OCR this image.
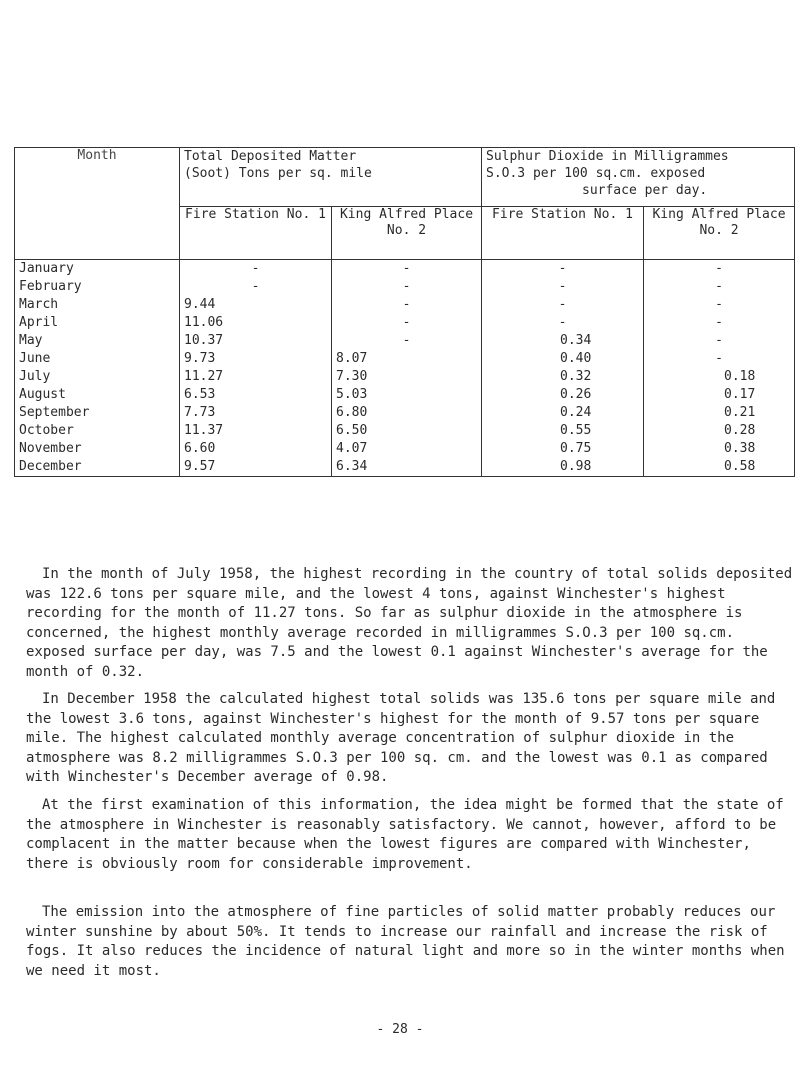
Month	Total Deposited Matter
(Soot) Tons per sq. mile		Sulphur Dioxide in Milligrammes
S.O.3 per 100 sq.cm. exposed
surface per day.	

	Fire Station No. 1	King Alfred Place No. 2	Fire Station No. 1	King Alfred Place No. 2
January	-	-	-	-
February	-	-	-	-
March	9.44	-	-	-
April	11.06	-	-	-
May	10.37	-	0.34	-
June	9.73	8.07	0.40	-
July	11.27	7.30	0.32	0.18
August	6.53	5.03	0.26	0.17
September	7.73	6.80	0.24	0.21
October	11.37	6.50	0.55	0.28
November	6.60	4.07	0.75	0.38
December	9.57	6.34	0.98	0.58

In the month of July 1958, the highest recording in the country of total solids deposited was 122.6 tons per square mile, and the lowest 4 tons, against Winchester's highest recording for the month of 11.27 tons. So far as sulphur dioxide in the atmosphere is concerned, the highest monthly average recorded in milligrammes S.O.3 per 100 sq.cm. exposed surface per day, was 7.5 and the lowest 0.1 against Winchester's average for the month of 0.32.

In December 1958 the calculated highest total solids was 135.6 tons per square mile and the lowest 3.6 tons, against Winchester's highest for the month of 9.57 tons per square mile. The highest calculated monthly average concentration of sulphur dioxide in the atmosphere was 8.2 milligrammes S.O.3 per 100 sq. cm. and the lowest was 0.1 as compared with Winchester's December average of 0.98.

At the first examination of this information, the idea might be formed that the state of the atmosphere in Winchester is reasonably satisfactory. We cannot, however, afford to be complacent in the matter because when the lowest figures are compared with Winchester, there is obviously room for considerable improvement.

The emission into the atmosphere of fine particles of solid matter probably reduces our winter sunshine by about 50%. It tends to increase our rainfall and increase the risk of fogs. It also reduces the incidence of natural light and more so in the winter months when we need it most.

- 28 -
